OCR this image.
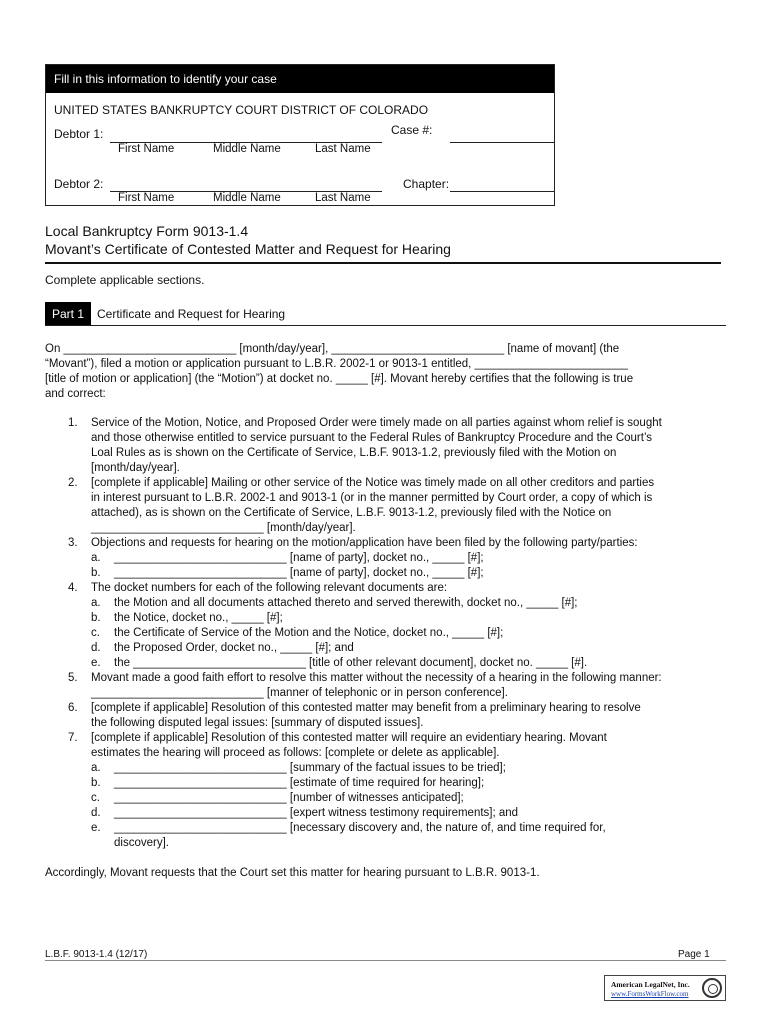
Fill in this information to identify your case
UNITED STATES BANKRUPTCY COURT DISTRICT OF COLORADO
Debtor 1:
First Name	Middle Name	Last Name
Case #:
Debtor 2:
First Name	Middle Name	Last Name
Chapter:
Local Bankruptcy Form 9013-1.4
Movant’s Certificate of Contested Matter and Request for Hearing
Complete applicable sections.
Part 1	Certificate and Request for Hearing
On ___________________________ [month/day/year], ___________________________ [name of movant] (the
“Movant”), filed a motion or application pursuant to L.B.R. 2002-1 or 9013-1 entitled, ________________________
[title of motion or application] (the “Motion”) at docket no. _____ [#]. Movant hereby certifies that the following is true
and correct:
1. Service of the Motion, Notice, and Proposed Order were timely made on all parties against whom relief is sought
and those otherwise entitled to service pursuant to the Federal Rules of Bankruptcy Procedure and the Court’s
Loal Rules as is shown on the Certificate of Service, L.B.F. 9013-1.2, previously filed with the Motion on
[month/day/year].
2. [complete if applicable] Mailing or other service of the Notice was timely made on all other creditors and parties
in interest pursuant to L.B.R. 2002-1 and 9013-1 (or in the manner permitted by Court order, a copy of which is
attached), as is shown on the Certificate of Service, L.B.F. 9013-1.2, previously filed with the Notice on
___________________________ [month/day/year].
3. Objections and requests for hearing on the motion/application have been filed by the following party/parties:
a. ___________________________ [name of party], docket no., _____ [#];
b. ___________________________ [name of party], docket no., _____ [#];
4. The docket numbers for each of the following relevant documents are:
a. the Motion and all documents attached thereto and served therewith, docket no., _____ [#];
b. the Notice, docket no., _____ [#];
c. the Certificate of Service of the Motion and the Notice, docket no., _____ [#];
d. the Proposed Order, docket no., _____ [#]; and
e. the ___________________________ [title of other relevant document], docket no. _____ [#].
5. Movant made a good faith effort to resolve this matter without the necessity of a hearing in the following manner:
___________________________ [manner of telephonic or in person conference].
6. [complete if applicable] Resolution of this contested matter may benefit from a preliminary hearing to resolve
the following disputed legal issues: [summary of disputed issues].
7. [complete if applicable] Resolution of this contested matter will require an evidentiary hearing. Movant
estimates the hearing will proceed as follows: [complete or delete as applicable].
a. ___________________________ [summary of the factual issues to be tried];
b. ___________________________ [estimate of time required for hearing];
c. ___________________________ [number of witnesses anticipated];
d. ___________________________ [expert witness testimony requirements]; and
e. ___________________________ [necessary discovery and, the nature of, and time required for,
discovery].
Accordingly, Movant requests that the Court set this matter for hearing pursuant to L.B.R. 9013-1.
L.B.F. 9013-1.4 (12/17)	Page 1
American LegalNet, Inc.
www.FormsWorkFlow.com
